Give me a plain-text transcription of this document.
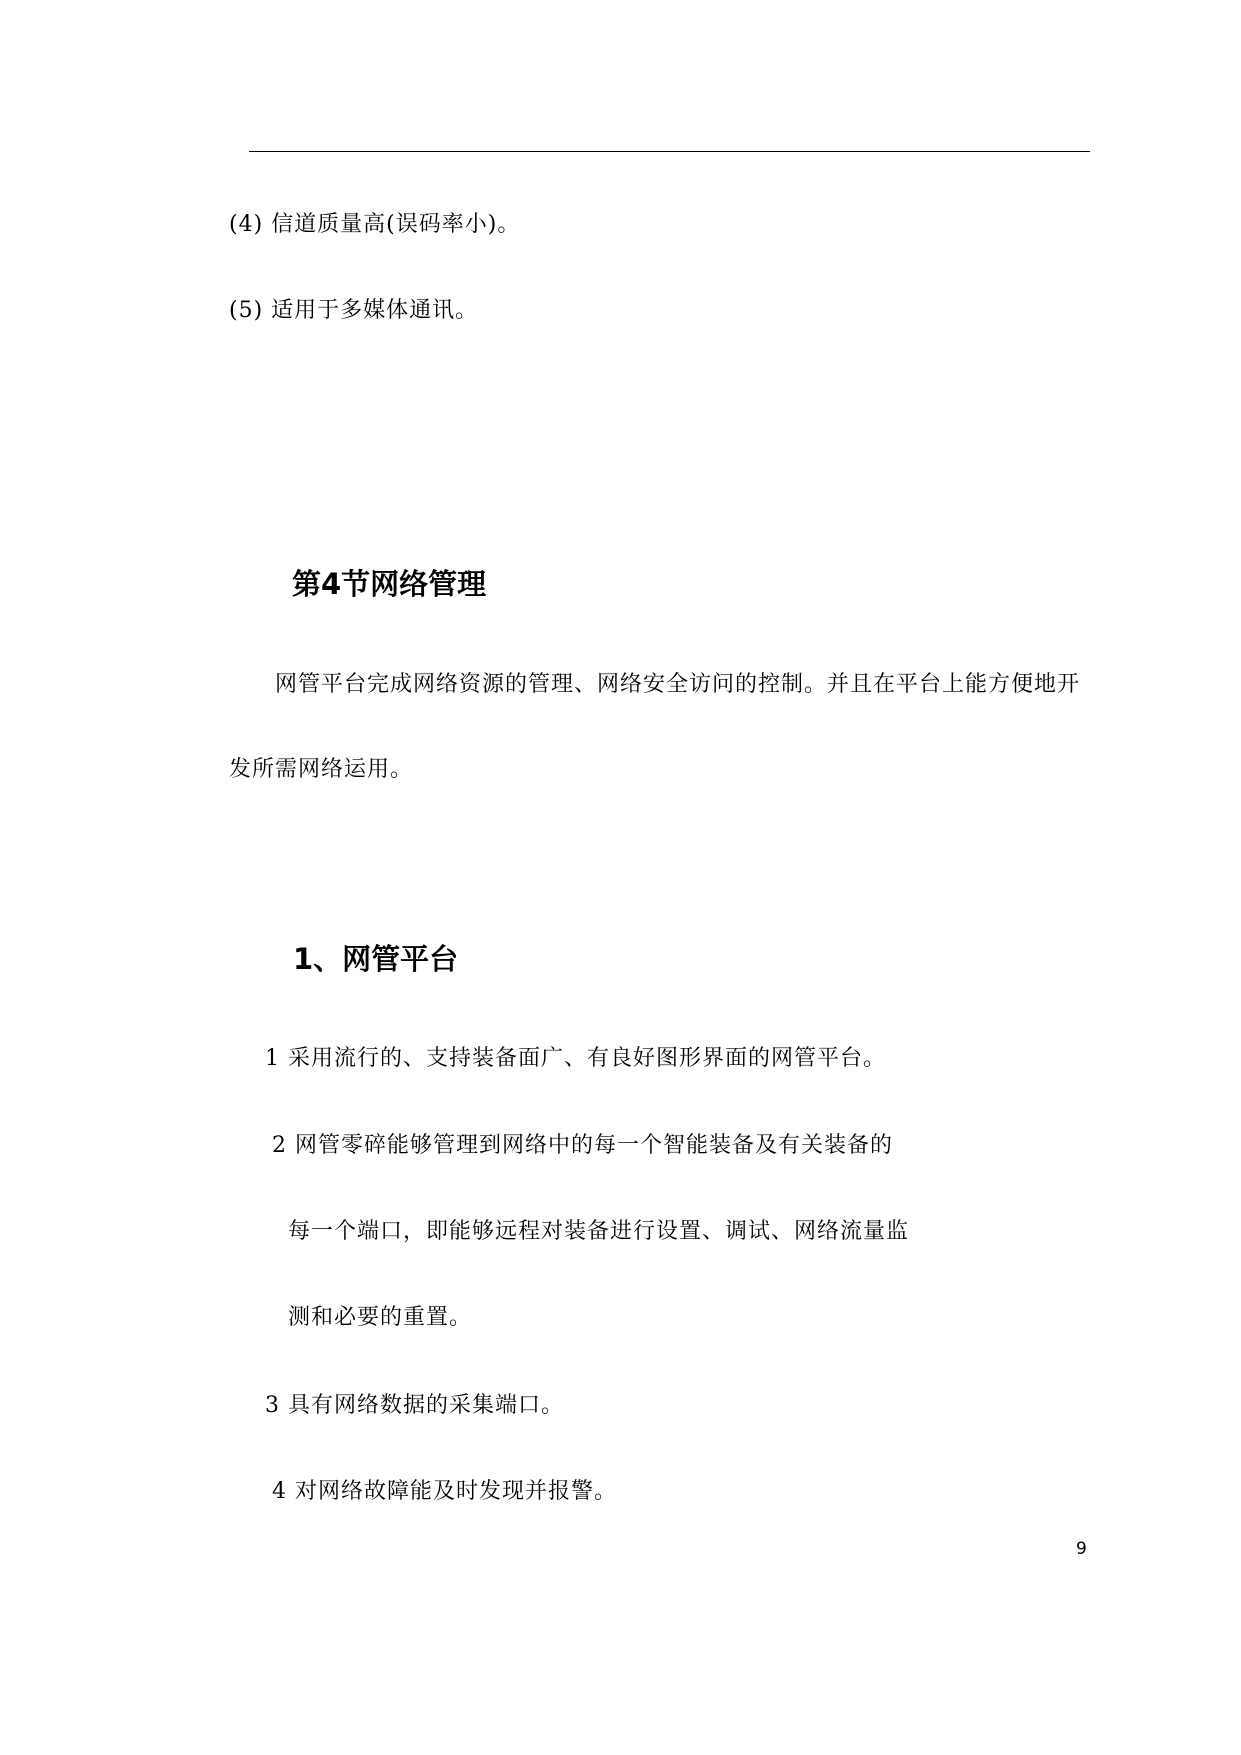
(4) 信道质量高(误码率小)。
(5) 适用于多媒体通讯。
第4节网络管理
网管平台完成网络资源的管理、网络安全访问的控制。并且在平台上能方便地开
发所需网络运用。
1、网管平台
1 采用流行的、支持装备面广、有良好图形界面的网管平台。
2 网管零碎能够管理到网络中的每一个智能装备及有关装备的
每一个端口，即能够远程对装备进行设置、调试、网络流量监
测和必要的重置。
3 具有网络数据的采集端口。
4 对网络故障能及时发现并报警。
9
